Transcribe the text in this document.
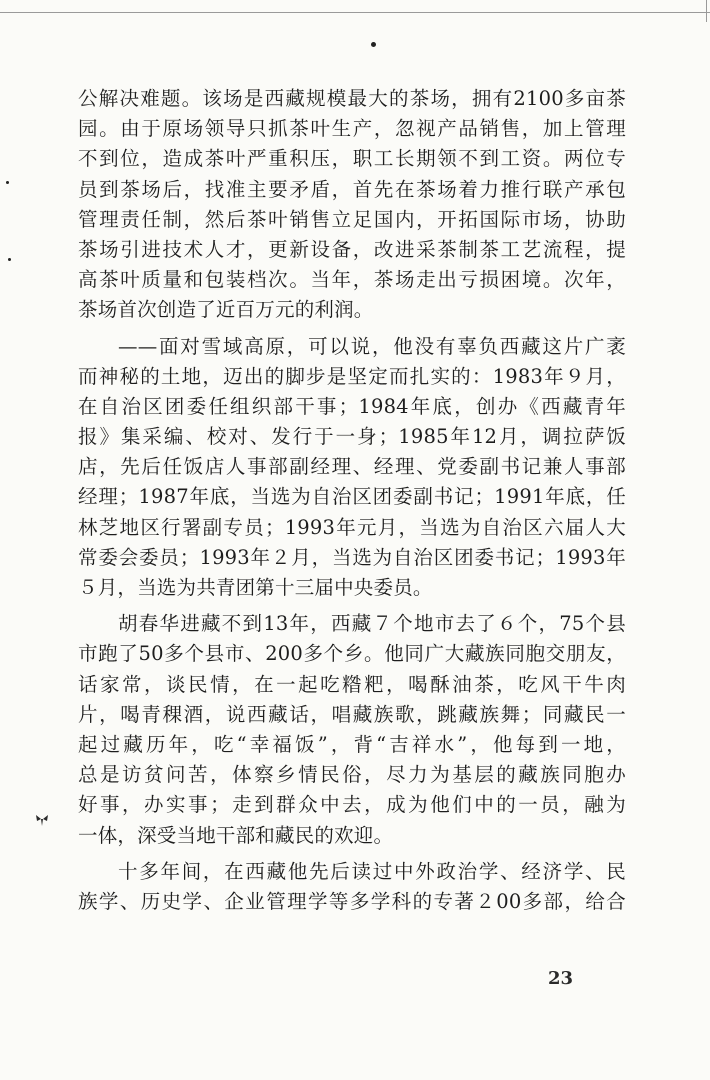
公解决难题。该场是西藏规模最大的茶场，拥有2100多亩茶
园。由于原场领导只抓茶叶生产，忽视产品销售，加上管理
不到位，造成茶叶严重积压，职工长期领不到工资。两位专
员到茶场后，找准主要矛盾，首先在茶场着力推行联产承包
管理责任制，然后茶叶销售立足国内，开拓国际市场，协助
茶场引进技术人才，更新设备，改进采茶制茶工艺流程，提
高茶叶质量和包装档次。当年，茶场走出亏损困境。次年，
茶场首次创造了近百万元的利润。
——面对雪域高原，可以说，他没有辜负西藏这片广袤
而神秘的土地，迈出的脚步是坚定而扎实的：1983年９月，
在自治区团委任组织部干事；1984年底，创办《西藏青年
报》集采编、校对、发行于一身；1985年12月，调拉萨饭
店，先后任饭店人事部副经理、经理、党委副书记兼人事部
经理；1987年底，当选为自治区团委副书记；1991年底，任
林芝地区行署副专员；1993年元月，当选为自治区六届人大
常委会委员；1993年２月，当选为自治区团委书记；1993年
５月，当选为共青团第十三届中央委员。
胡春华进藏不到13年，西藏７个地市去了６个，75个县
市跑了50多个县市、200多个乡。他同广大藏族同胞交朋友，
话家常，谈民情，在一起吃糌粑，喝酥油茶，吃风干牛肉
片，喝青稞酒，说西藏话，唱藏族歌，跳藏族舞；同藏民一
起过藏历年，吃“幸福饭”，背“吉祥水”，他每到一地，
总是访贫问苦，体察乡情民俗，尽力为基层的藏族同胞办
好事，办实事；走到群众中去，成为他们中的一员，融为
一体，深受当地干部和藏民的欢迎。
十多年间，在西藏他先后读过中外政治学、经济学、民
族学、历史学、企业管理学等多学科的专著２00多部，给合
23
